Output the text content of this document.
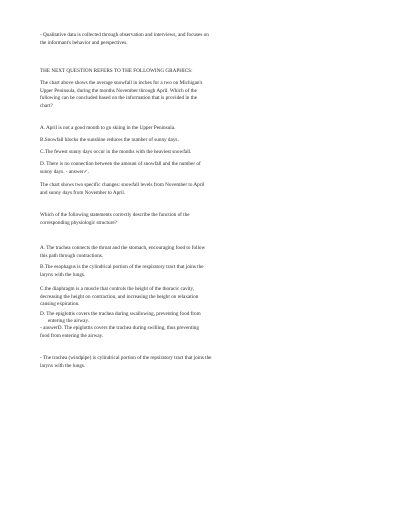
- Qualitative data is collected through observation and interviews, and focuses on
the informant's behavior and perspectives.

THE NEXT QUESTION REFERS TO THE FOLLOWING GRAPHICS:

The chart above shows the average snowfall in inches for a two on Michigan's
Upper Peninsula, during the months November through April. Which of the
following can be concluded based on the information that is provided in the
chart?

A. April is not a good month to go skiing in the Upper Peninsula.

B.Snowfall blocks the sunshine reduces the number of sunny days.

C.The fewest sunny days occur in the months with the heaviest snowfall.

D. There is no connection between the amount of snowfall and the number of
sunny days. - answer✓.

The chart shows two specific changes: snowfall levels from November to April
and sunny days from November to April.

Which of the following statements correctly describe the function of the
corresponding physiologic structure?

A. The trachea connects the throat and the stomach, encouraging food to follow
this path through contractions.

B.The esophagus is the cylindrical portion of the respiratory tract that joins the
larynx with the lungs.

C.the diaphragm is a muscle that controls the height of the thoracic cavity,
decreasing the height on contraction, and increasing the height on relaxation
causing expiration.

D. The epiglottis covers the trachea during swallowing, preventing food from

entering the airway.

- answerD. The epiglottis covers the trachea during swilling, thus preventing
food from entering the airway.

- The trachea (windpipe) is cylindrical portion of the repsiratory tract that joins the
larynx with the lungs.
